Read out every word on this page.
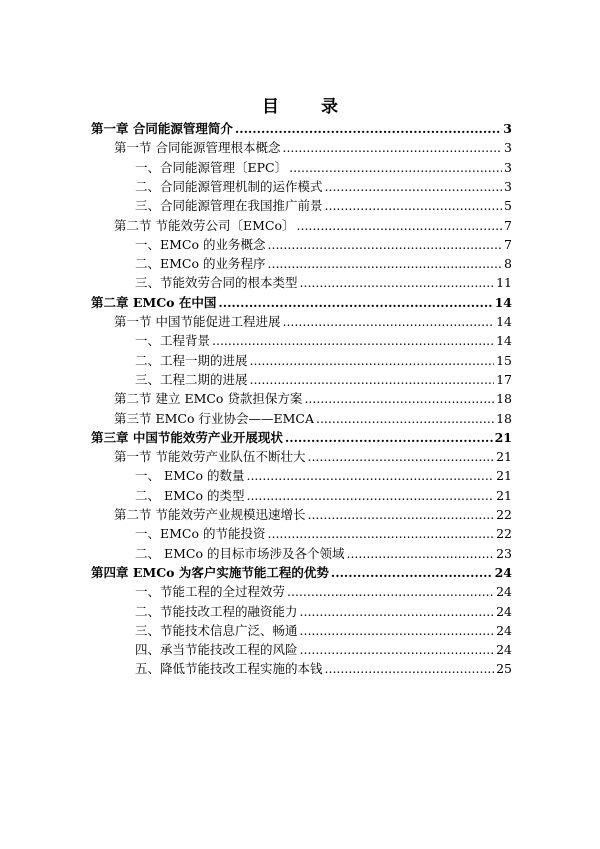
目 录
第一章 合同能源管理简介 .....	3
第一节 合同能源管理根本概念 .....	3
一、合同能源管理〔EPC〕 .....	3
二、合同能源管理机制的运作模式 .....	3
三、合同能源管理在我国推广前景 .....	5
第二节 节能效劳公司〔EMCo〕 .....	7
一、EMCo 的业务概念 .....	7
二、EMCo 的业务程序 .....	8
三、节能效劳合同的根本类型 .....	11
第二章 EMCo 在中国 .....	14
第一节 中国节能促进工程进展 .....	14
一、工程背景 .....	14
二、工程一期的进展 .....	15
三、工程二期的进展 .....	17
第二节 建立 EMCo 贷款担保方案 .....	18
第三节 EMCo 行业协会——EMCA .....	18
第三章 中国节能效劳产业开展现状 .....	21
第一节 节能效劳产业队伍不断壮大 .....	21
一、 EMCo 的数量 .....	21
二、 EMCo 的类型 .....	21
第二节 节能效劳产业规模迅速增长 .....	22
一、EMCo 的节能投资 .....	22
二、 EMCo 的目标市场涉及各个领域 .....	23
第四章 EMCo 为客户实施节能工程的优势 .....	24
一、节能工程的全过程效劳 .....	24
二、节能技改工程的融资能力 .....	24
三、节能技术信息广泛、畅通 .....	24
四、承当节能技改工程的风险 .....	24
五、降低节能技改工程实施的本钱 .....	25
